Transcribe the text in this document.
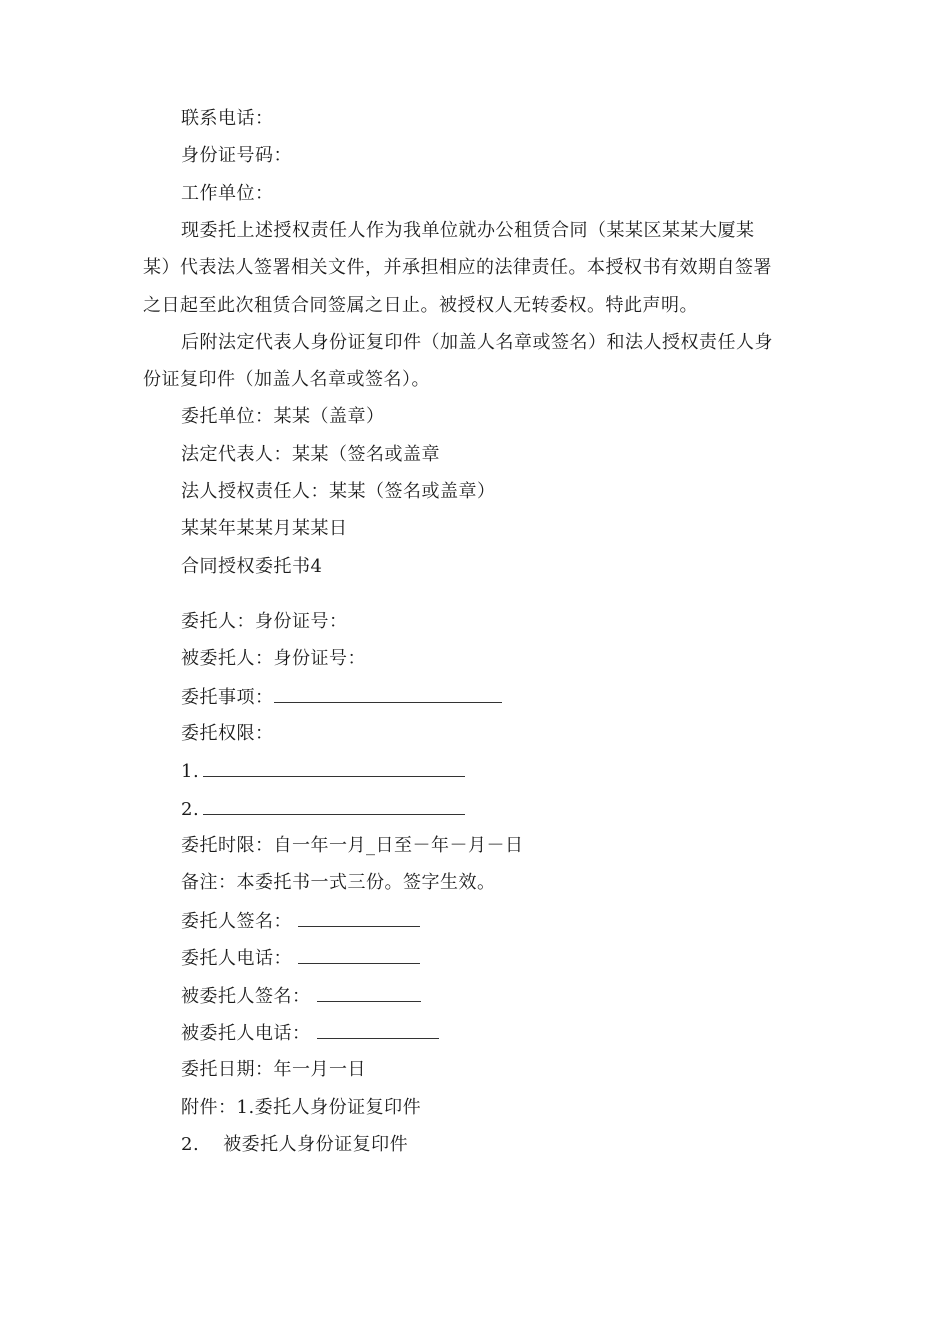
联系电话：
身份证号码：
工作单位：
现委托上述授权责任人作为我单位就办公租赁合同（某某区某某大厦某
某）代表法人签署相关文件，并承担相应的法律责任。本授权书有效期自签署
之日起至此次租赁合同签属之日止。被授权人无转委权。特此声明。
后附法定代表人身份证复印件（加盖人名章或签名）和法人授权责任人身
份证复印件（加盖人名章或签名）。
委托单位：某某（盖章）
法定代表人：某某（签名或盖章
法人授权责任人：某某（签名或盖章）
某某年某某月某某日
合同授权委托书4
委托人：身份证号：
被委托人：身份证号：
委托事项：
委托权限：
1.
2.
委托时限：自一年一月_日至－年－月－日
备注：本委托书一式三份。签字生效。
委托人签名：
委托人电话：
被委托人签名：
被委托人电话：
委托日期：年一月一日
附件：1.委托人身份证复印件
2. 被委托人身份证复印件
